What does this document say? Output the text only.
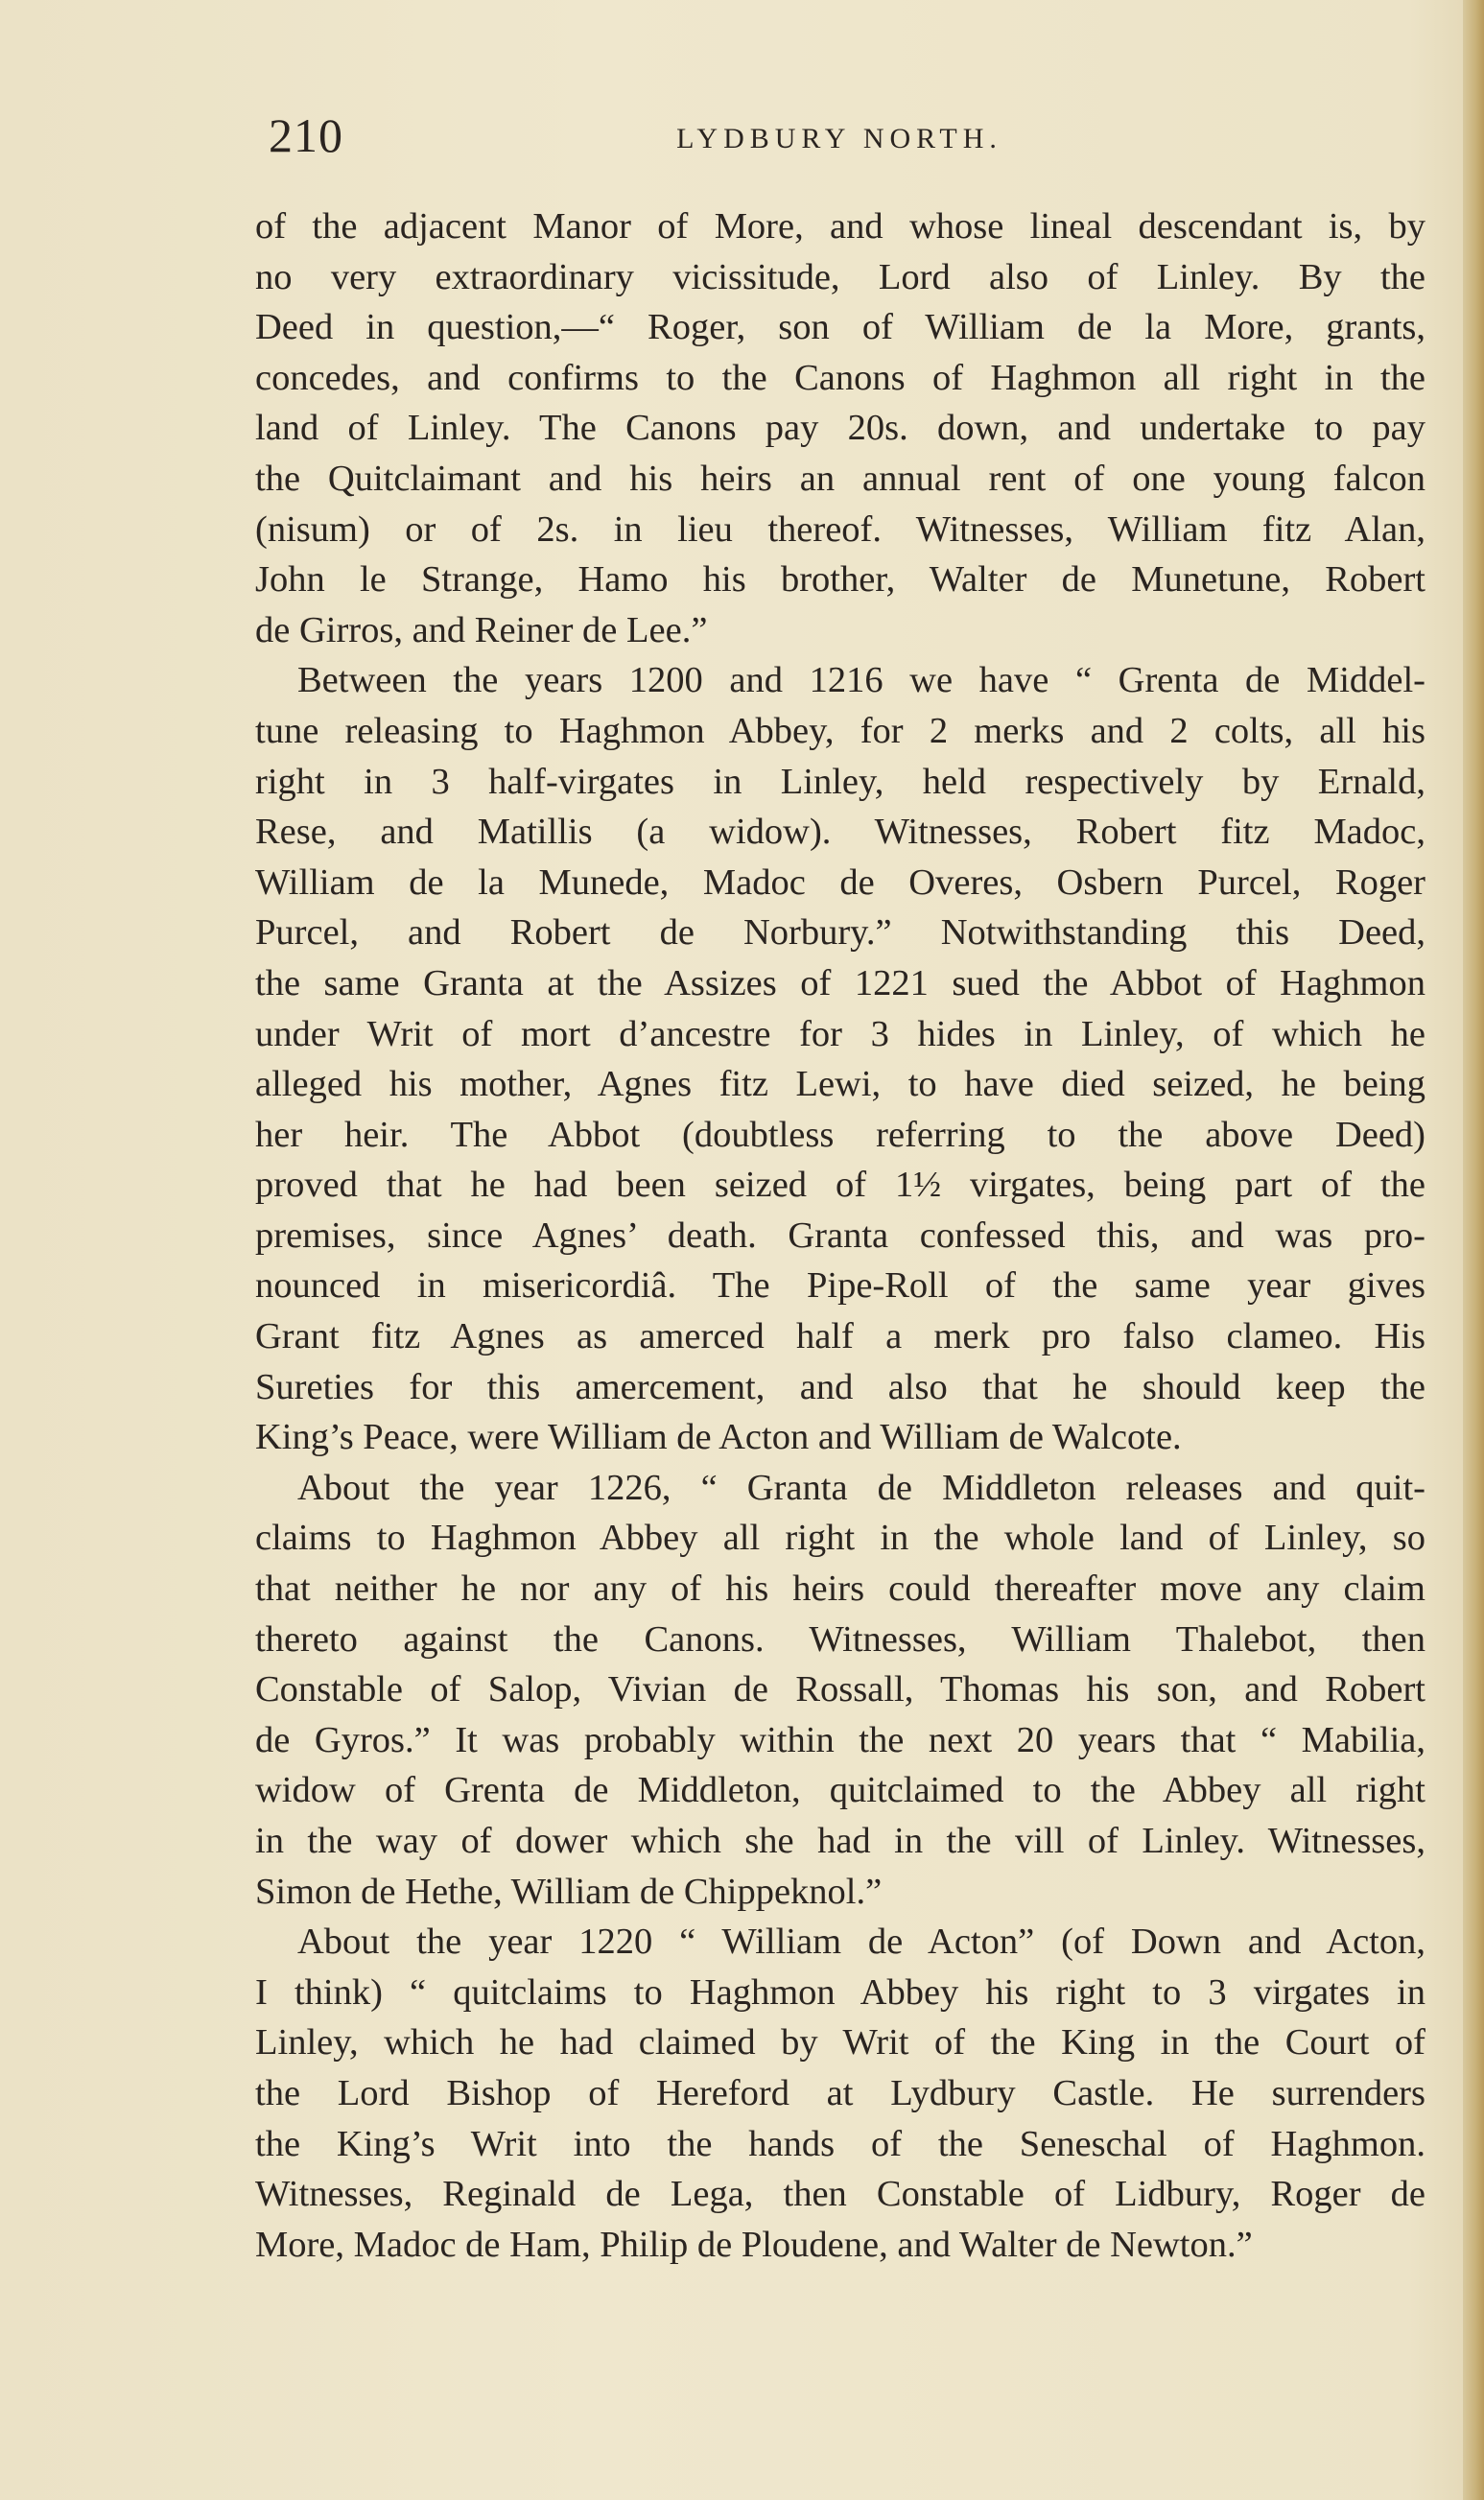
210	LYDBURY NORTH.
of the adjacent Manor of More, and whose lineal descendant is, by
no very extraordinary vicissitude, Lord also of Linley. By the
Deed in question,—“ Roger, son of William de la More, grants,
concedes, and confirms to the Canons of Haghmon all right in the
land of Linley. The Canons pay 20s. down, and undertake to pay
the Quitclaimant and his heirs an annual rent of one young falcon
(nisum) or of 2s. in lieu thereof. Witnesses, William fitz Alan,
John le Strange, Hamo his brother, Walter de Munetune, Robert
de Girros, and Reiner de Lee.”
Between the years 1200 and 1216 we have “ Grenta de Middel-
tune releasing to Haghmon Abbey, for 2 merks and 2 colts, all his
right in 3 half-virgates in Linley, held respectively by Ernald,
Rese, and Matillis (a widow). Witnesses, Robert fitz Madoc,
William de la Munede, Madoc de Overes, Osbern Purcel, Roger
Purcel, and Robert de Norbury.” Notwithstanding this Deed,
the same Granta at the Assizes of 1221 sued the Abbot of Haghmon
under Writ of mort d’ancestre for 3 hides in Linley, of which he
alleged his mother, Agnes fitz Lewi, to have died seized, he being
her heir. The Abbot (doubtless referring to the above Deed)
proved that he had been seized of 1½ virgates, being part of the
premises, since Agnes’ death. Granta confessed this, and was pro-
nounced in misericordiâ. The Pipe-Roll of the same year gives
Grant fitz Agnes as amerced half a merk pro falso clameo. His
Sureties for this amercement, and also that he should keep the
King’s Peace, were William de Acton and William de Walcote.
About the year 1226, “ Granta de Middleton releases and quit-
claims to Haghmon Abbey all right in the whole land of Linley, so
that neither he nor any of his heirs could thereafter move any claim
thereto against the Canons. Witnesses, William Thalebot, then
Constable of Salop, Vivian de Rossall, Thomas his son, and Robert
de Gyros.” It was probably within the next 20 years that “ Mabilia,
widow of Grenta de Middleton, quitclaimed to the Abbey all right
in the way of dower which she had in the vill of Linley. Witnesses,
Simon de Hethe, William de Chippeknol.”
About the year 1220 “ William de Acton” (of Down and Acton,
I think) “ quitclaims to Haghmon Abbey his right to 3 virgates in
Linley, which he had claimed by Writ of the King in the Court of
the Lord Bishop of Hereford at Lydbury Castle. He surrenders
the King’s Writ into the hands of the Seneschal of Haghmon.
Witnesses, Reginald de Lega, then Constable of Lidbury, Roger de
More, Madoc de Ham, Philip de Ploudene, and Walter de Newton.”
